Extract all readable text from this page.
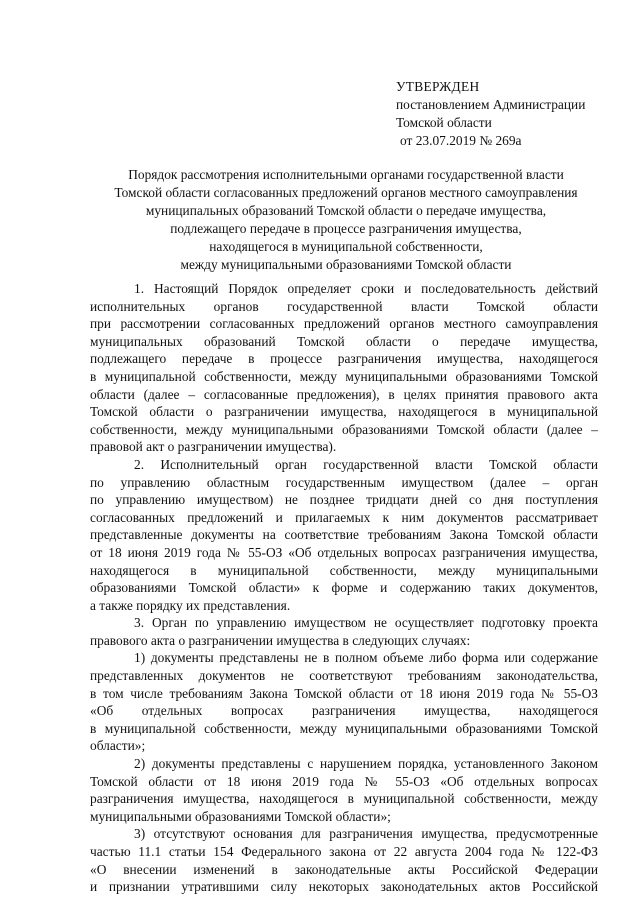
УТВЕРЖДЕН
постановлением Администрации
Томской области
от 23.07.2019 № 269а
Порядок рассмотрения исполнительными органами государственной власти
Томской области согласованных предложений органов местного самоуправления
муниципальных образований Томской области о передаче имущества,
подлежащего передаче в процессе разграничения имущества,
находящегося в муниципальной собственности,
между муниципальными образованиями Томской области

1. Настоящий Порядок определяет сроки и последовательность действий
исполнительных органов государственной власти Томской области
при рассмотрении согласованных предложений органов местного самоуправления
муниципальных образований Томской области о передаче имущества,
подлежащего передаче в процессе разграничения имущества, находящегося
в муниципальной собственности, между муниципальными образованиями Томской
области (далее – согласованные предложения), в целях принятия правового акта
Томской области о разграничении имущества, находящегося в муниципальной
собственности, между муниципальными образованиями Томской области (далее –
правовой акт о разграничении имущества).

2. Исполнительный орган государственной власти Томской области
по управлению областным государственным имуществом (далее – орган
по управлению имуществом) не позднее тридцати дней со дня поступления
согласованных предложений и прилагаемых к ним документов рассматривает
представленные документы на соответствие требованиям Закона Томской области
от 18 июня 2019 года № 55-ОЗ «Об отдельных вопросах разграничения имущества,
находящегося в муниципальной собственности, между муниципальными
образованиями Томской области» к форме и содержанию таких документов,
а также порядку их представления.

3. Орган по управлению имуществом не осуществляет подготовку проекта
правового акта о разграничении имущества в следующих случаях:

1) документы представлены не в полном объеме либо форма или содержание
представленных документов не соответствуют требованиям законодательства,
в том числе требованиям Закона Томской области от 18 июня 2019 года № 55-ОЗ
«Об отдельных вопросах разграничения имущества, находящегося
в муниципальной собственности, между муниципальными образованиями Томской
области»;

2) документы представлены с нарушением порядка, установленного Законом
Томской области от 18 июня 2019 года № 55-ОЗ «Об отдельных вопросах
разграничения имущества, находящегося в муниципальной собственности, между
муниципальными образованиями Томской области»;

3) отсутствуют основания для разграничения имущества, предусмотренные
частью 11.1 статьи 154 Федерального закона от 22 августа 2004 года № 122-ФЗ
«О внесении изменений в законодательные акты Российской Федерации
и признании утратившими силу некоторых законодательных актов Российской
